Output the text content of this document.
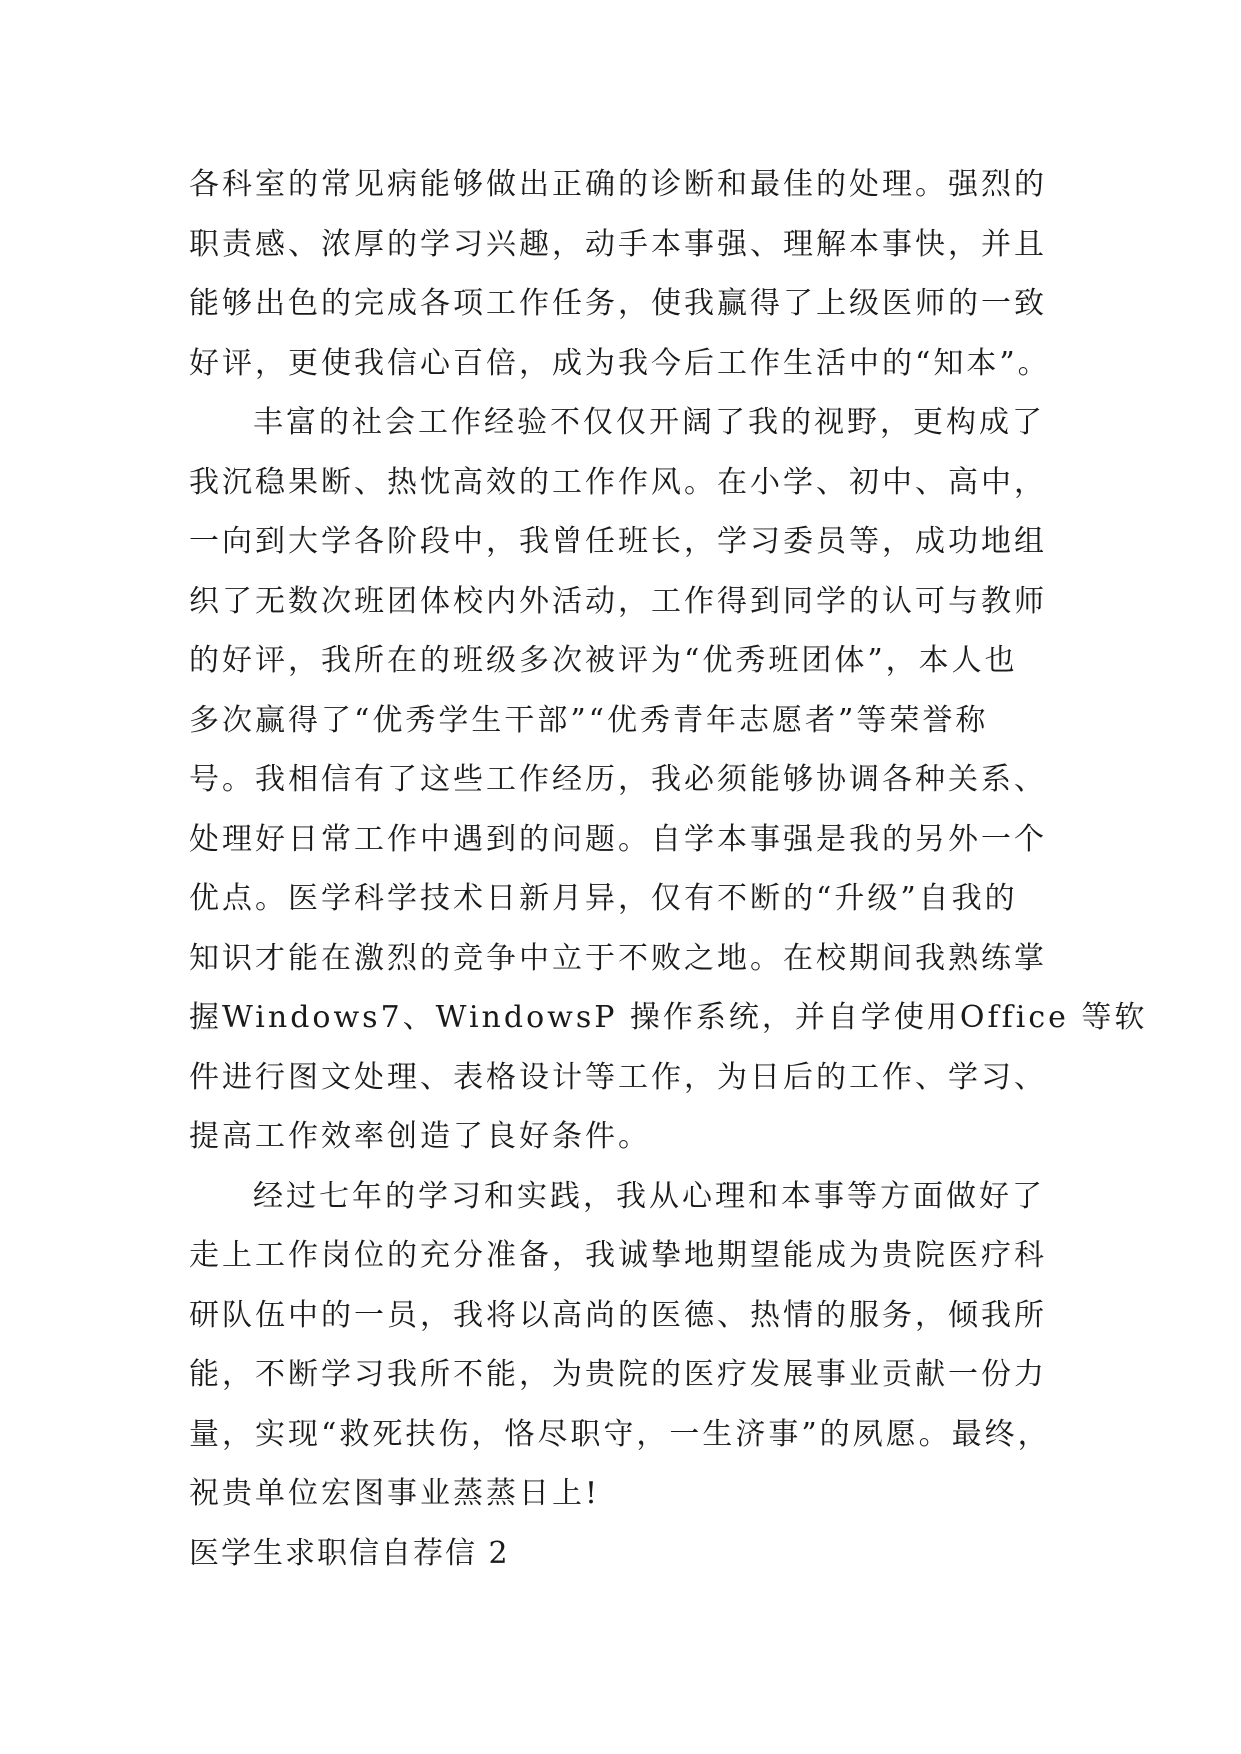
各科室的常见病能够做出正确的诊断和最佳的处理。强烈的
职责感、浓厚的学习兴趣，动手本事强、理解本事快，并且
能够出色的完成各项工作任务，使我赢得了上级医师的一致
好评，更使我信心百倍，成为我今后工作生活中的“知本”。
丰富的社会工作经验不仅仅开阔了我的视野，更构成了
我沉稳果断、热忱高效的工作作风。在小学、初中、高中，
一向到大学各阶段中，我曾任班长，学习委员等，成功地组
织了无数次班团体校内外活动，工作得到同学的认可与教师
的好评，我所在的班级多次被评为“优秀班团体”，本人也
多次赢得了“优秀学生干部”“优秀青年志愿者”等荣誉称
号。我相信有了这些工作经历，我必须能够协调各种关系、
处理好日常工作中遇到的问题。自学本事强是我的另外一个
优点。医学科学技术日新月异，仅有不断的“升级”自我的
知识才能在激烈的竞争中立于不败之地。在校期间我熟练掌
握Windows7、WindowsP 操作系统，并自学使用Office 等软
件进行图文处理、表格设计等工作，为日后的工作、学习、
提高工作效率创造了良好条件。
经过七年的学习和实践，我从心理和本事等方面做好了
走上工作岗位的充分准备，我诚挚地期望能成为贵院医疗科
研队伍中的一员，我将以高尚的医德、热情的服务，倾我所
能，不断学习我所不能，为贵院的医疗发展事业贡献一份力
量，实现“救死扶伤，恪尽职守，一生济事”的夙愿。最终，
祝贵单位宏图事业蒸蒸日上!
医学生求职信自荐信 2
